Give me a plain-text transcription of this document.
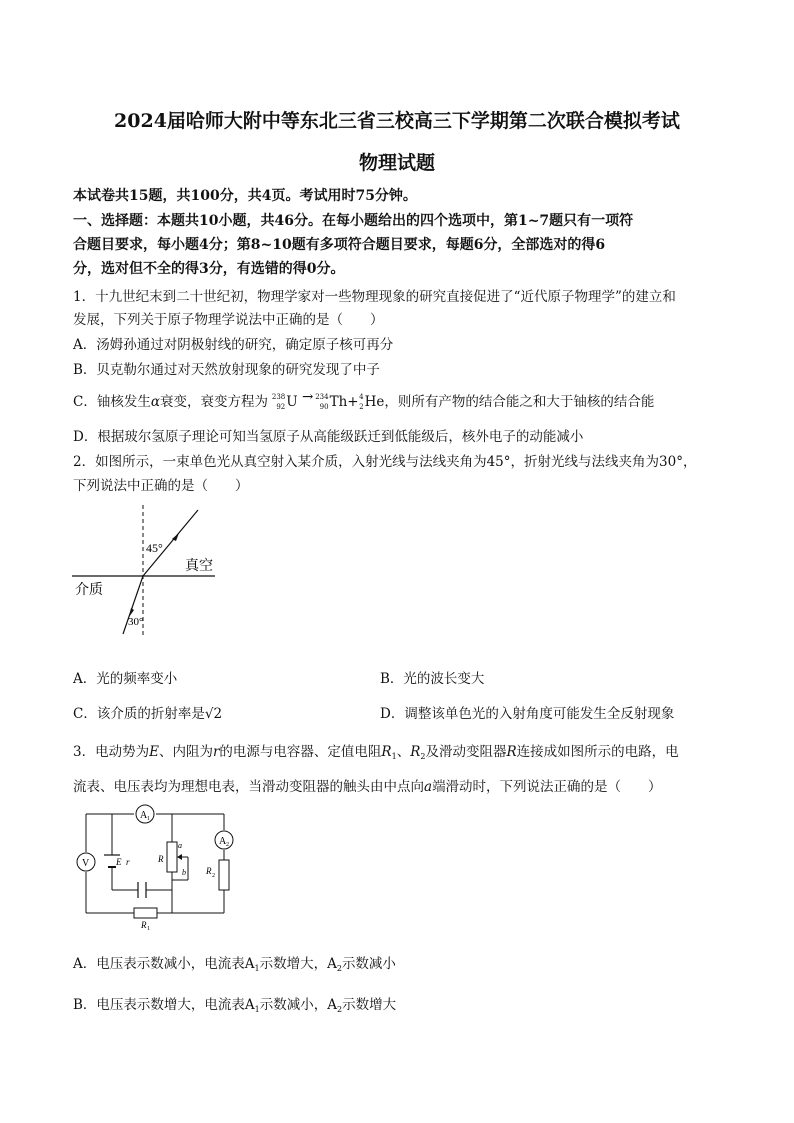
2024届哈师大附中等东北三省三校高三下学期第二次联合模拟考试
物理试题
本试卷共15题，共100分，共4页。考试用时75分钟。
一、选择题：本题共10小题，共46分。在每小题给出的四个选项中，第1~7题只有一项符
合题目要求，每小题4分；第8~10题有多项符合题目要求，每题6分，全部选对的得6
分，选对但不全的得3分，有选错的得0分。
1．十九世纪末到二十世纪初，物理学家对一些物理现象的研究直接促进了“近代原子物理学”的建立和
发展，下列关于原子物理学说法中正确的是（　　）
A．汤姆孙通过对阴极射线的研究，确定原子核可再分
B．贝克勒尔通过对天然放射现象的研究发现了中子
C．铀核发生α衰变，衰变方程为 238
92 U → 234
90 Th+ 4
2 He，则所有产物的结合能之和大于铀核的结合能
D．根据玻尔氢原子理论可知当氢原子从高能级跃迁到低能级后，核外电子的动能减小
2．如图所示，一束单色光从真空射入某介质，入射光线与法线夹角为45°，折射光线与法线夹角为30°，
下列说法中正确的是（　　）
45°
真空
介质
30°
A．光的频率变小	B．光的波长变大
C．该介质的折射率是√2	D．调整该单色光的入射角度可能发生全反射现象
3．电动势为E、内阻为r的电源与电容器、定值电阻$R_1$、$R_2$及滑动变阻器R连接成如图所示的电路，电
流表、电压表均为理想电表，当滑动变阻器的触头由中点向a端滑动时，下列说法正确的是（　　）
A 1
A 2
V	E r	R
a
b R 2
R 1
A．电压表示数减小，电流表$A_1$示数增大，$A_2$示数减小
B．电压表示数增大，电流表$A_1$示数减小，$A_2$示数增大
